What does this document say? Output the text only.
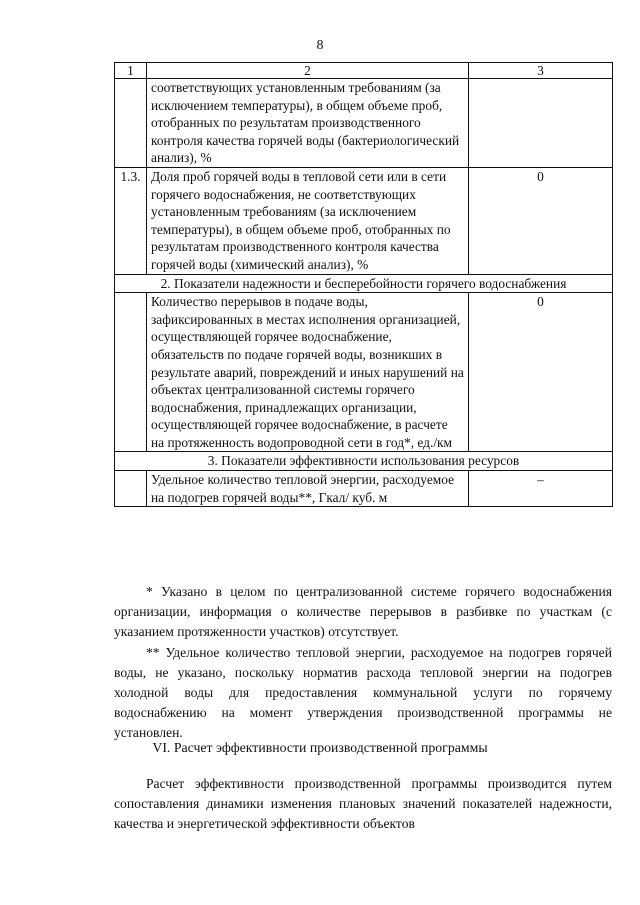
8
1	2	3
	соответствующих установленным требованиям (за исключением температуры), в общем объеме проб, отобранных по результатам производственного контроля качества горячей воды (бактериологический анализ), %	
1.3.	Доля проб горячей воды в тепловой сети или в сети горячего водоснабжения, не соответствующих установленным требованиям (за исключением температуры), в общем объеме проб, отобранных по результатам производственного контроля качества горячей воды (химический анализ), %	0
2. Показатели надежности и бесперебойности горячего водоснабжения		
	Количество перерывов в подаче воды, зафиксированных в местах исполнения организацией, осуществляющей горячее водоснабжение, обязательств по подаче горячей воды, возникших в результате аварий, повреждений и иных нарушений на объектах централизованной системы горячего водоснабжения, принадлежащих организации, осуществляющей горячее водоснабжение, в расчете на протяженность водопроводной сети в год*, ед./км	0
3. Показатели эффективности использования ресурсов		
	Удельное количество тепловой энергии, расходуемое на подогрев горячей воды**, Гкал/ куб. м	–

* Указано в целом по централизованной системе горячего водоснабжения организации, информация о количестве перерывов в разбивке по участкам (с указанием протяженности участков) отсутствует.

** Удельное количество тепловой энергии, расходуемое на подогрев горячей воды, не указано, поскольку норматив расхода тепловой энергии на подогрев холодной воды для предоставления коммунальной услуги по горячему водоснабжению на момент утверждения производственной программы не установлен.

VI. Расчет эффективности производственной программы

Расчет эффективности производственной программы производится путем сопоставления динамики изменения плановых значений показателей надежности, качества и энергетической эффективности объектов
